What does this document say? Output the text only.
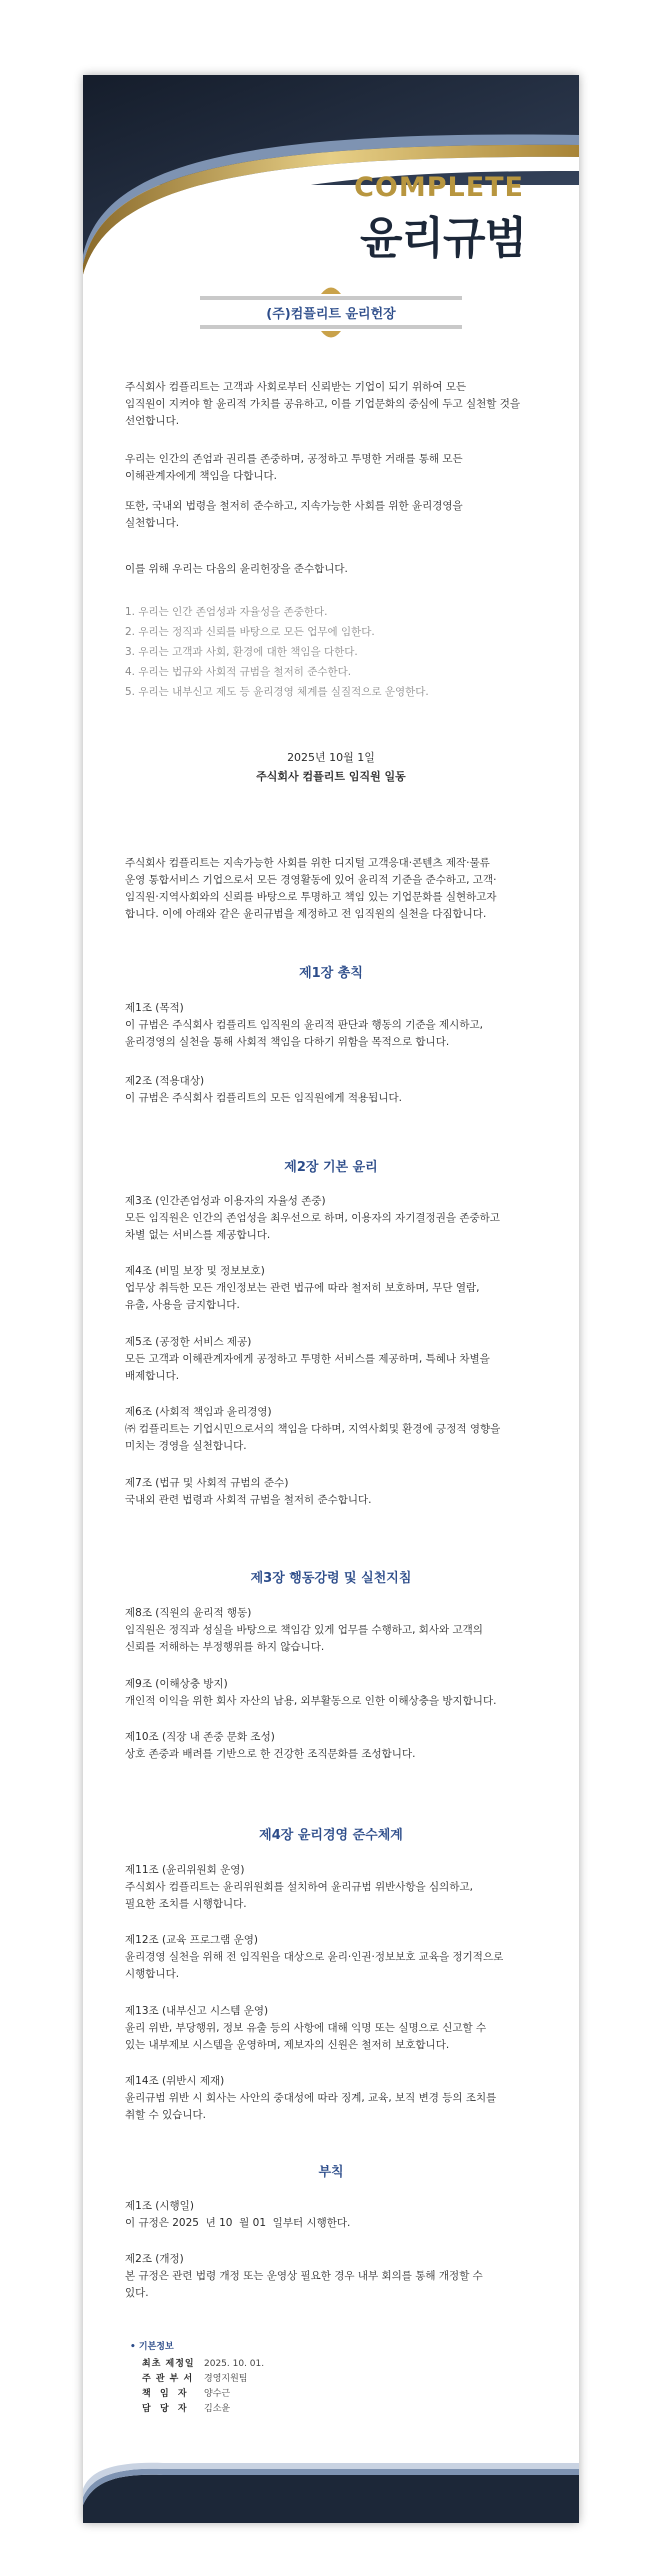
COMPLETE
윤리규범
(주)컴플리트 윤리헌장

주식회사 컴플리트는 고객과 사회로부터 신뢰받는 기업이 되기 위하여 모든

임직원이 지켜야 할 윤리적 가치를 공유하고, 이를 기업문화의 중심에 두고 실천할 것을

선언합니다.

우리는 인간의 존엄과 권리를 존중하며, 공정하고 투명한 거래를 통해 모든

이해관계자에게 책임을 다합니다.

또한, 국내외 법령을 철저히 준수하고, 지속가능한 사회를 위한 윤리경영을

실천합니다.

이를 위해 우리는 다음의 윤리헌장을 준수합니다.

1. 우리는 인간 존엄성과 자율성을 존중한다.

2. 우리는 정직과 신뢰를 바탕으로 모든 업무에 임한다.

3. 우리는 고객과 사회, 환경에 대한 책임을 다한다.

4. 우리는 법규와 사회적 규범을 철저히 준수한다.

5. 우리는 내부신고 제도 등 윤리경영 체계를 실질적으로 운영한다.

2025년 10월 1일
주식회사 컴플리트 임직원 일동

주식회사 컴플리트는 지속가능한 사회를 위한 디지털 고객응대·콘텐츠 제작·물류

운영 통합서비스 기업으로서 모든 경영활동에 있어 윤리적 기준을 준수하고, 고객·

임직원·지역사회와의 신뢰를 바탕으로 투명하고 책임 있는 기업문화를 실현하고자

합니다. 이에 아래와 같은 윤리규범을 제정하고 전 임직원의 실천을 다짐합니다.

제1장 총칙

제1조 (목적)

이 규범은 주식회사 컴플리트 임직원의 윤리적 판단과 행동의 기준을 제시하고,

윤리경영의 실천을 통해 사회적 책임을 다하기 위함을 목적으로 합니다.

제2조 (적용대상)

이 규범은 주식회사 컴플리트의 모든 임직원에게 적용됩니다.

제2장 기본 윤리

제3조 (인간존엄성과 이용자의 자율성 존중)

모든 임직원은 인간의 존엄성을 최우선으로 하며, 이용자의 자기결정권을 존중하고

차별 없는 서비스를 제공합니다.

제4조 (비밀 보장 및 정보보호)

업무상 취득한 모든 개인정보는 관련 법규에 따라 철저히 보호하며, 무단 열람,

유출, 사용을 금지합니다.

제5조 (공정한 서비스 제공)

모든 고객과 이해관계자에게 공정하고 투명한 서비스를 제공하며, 특혜나 차별을

배제합니다.

제6조 (사회적 책임과 윤리경영)

㈜ 컴플리트는 기업시민으로서의 책임을 다하며, 지역사회및 환경에 긍정적 영향을

미치는 경영을 실천합니다.

제7조 (법규 및 사회적 규범의 준수)

국내외 관련 법령과 사회적 규범을 철저히 준수합니다.

제3장 행동강령 및 실천지침

제8조 (직원의 윤리적 행동)

임직원은 정직과 성실을 바탕으로 책임감 있게 업무를 수행하고, 회사와 고객의

신뢰를 저해하는 부정행위를 하지 않습니다.

제9조 (이해상충 방지)

개인적 이익을 위한 회사 자산의 남용, 외부활동으로 인한 이해상충을 방지합니다.

제10조 (직장 내 존중 문화 조성)

상호 존중과 배려를 기반으로 한 건강한 조직문화를 조성합니다.

제4장 윤리경영 준수체계

제11조 (윤리위원회 운영)

주식회사 컴플리트는 윤리위원회를 설치하여 윤리규범 위반사항을 심의하고,

필요한 조치를 시행합니다.

제12조 (교육 프로그램 운영)

윤리경영 실천을 위해 전 임직원을 대상으로 윤리·인권·정보보호 교육을 정기적으로

시행합니다.

제13조 (내부신고 시스템 운영)

윤리 위반, 부당행위, 정보 유출 등의 사항에 대해 익명 또는 실명으로 신고할 수

있는 내부제보 시스템을 운영하며, 제보자의 신원은 철저히 보호합니다.

제14조 (위반시 제재)

윤리규범 위반 시 회사는 사안의 중대성에 따라 징계, 교육, 보직 변경 등의 조치를

취할 수 있습니다.

부칙

제1조 (시행일)

이 규정은 2025  년 10  월 01  일부터 시행한다.

제2조 (개정)

본 규정은 관련 법령 개정 또는 운영상 필요한 경우 내부 회의를 통해 개정할 수

있다.

• 기본정보
최초 제정일	2025. 10. 01.
주 관 부 서	경영지원팀
책  임  자	양수근
담  당  자	김소윤
